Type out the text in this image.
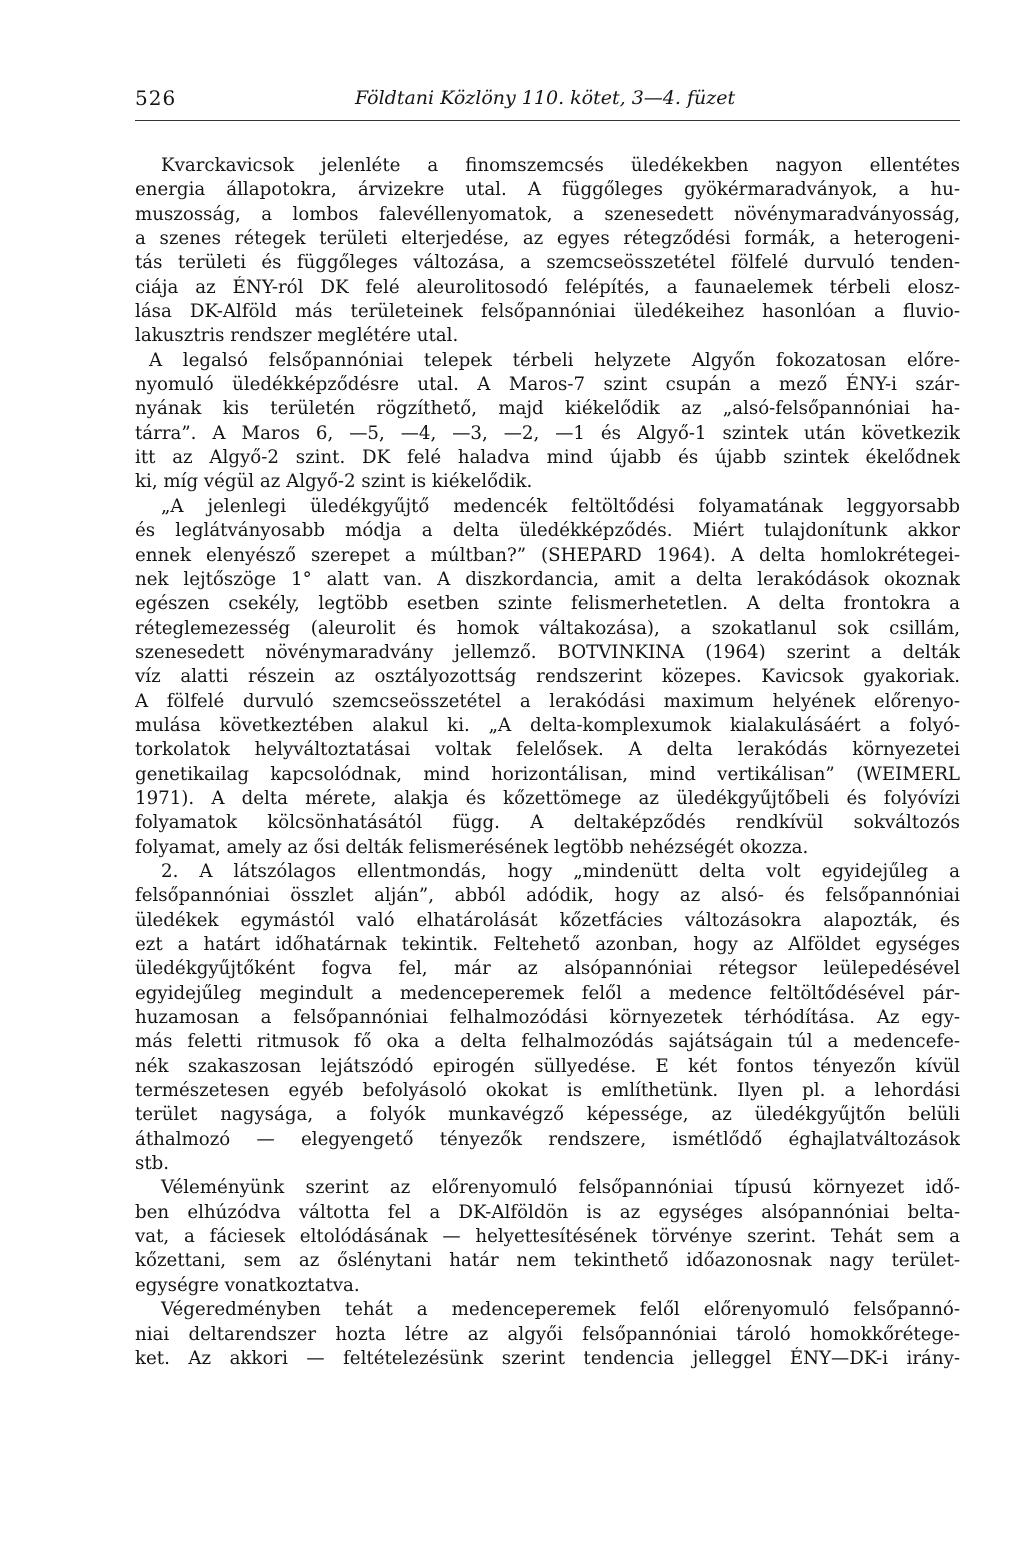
526	Földtani Közlöny 110. kötet, 3—4. füzet

Kvarckavicsok jelenléte a finomszemcsés üledékekben nagyon ellentétes
energia állapotokra, árvizekre utal. A függőleges gyökérmaradványok, a hu-
muszosság, a lombos falevéllenyomatok, a szenesedett növénymaradványosság,
a szenes rétegek területi elterjedése, az egyes rétegződési formák, a heterogeni-
tás területi és függőleges változása, a szemcseösszetétel fölfelé durvuló tenden-
ciája az ÉNY-ról DK felé aleurolitosodó felépítés, a faunaelemek térbeli elosz-
lása DK-Alföld más területeinek felsőpannóniai üledékeihez hasonlóan a fluvio-
lakusztris rendszer meglétére utal.

A legalsó felsőpannóniai telepek térbeli helyzete Algyőn fokozatosan előre-
nyomuló üledékképződésre utal. A Maros-7 szint csupán a mező ÉNY-i szár-
nyának kis területén rögzíthető, majd kiékelődik az „alsó-felsőpannóniai ha-
tárra”. A Maros 6, —5, —4, —3, —2, —1 és Algyő-1 szintek után következik
itt az Algyő-2 szint. DK felé haladva mind újabb és újabb szintek ékelődnek
ki, míg végül az Algyő-2 szint is kiékelődik.

„A jelenlegi üledékgyűjtő medencék feltöltődési folyamatának leggyorsabb
és leglátványosabb módja a delta üledékképződés. Miért tulajdonítunk akkor
ennek elenyésző szerepet a múltban?” (SHEPARD 1964). A delta homlokrétegei-
nek lejtőszöge 1° alatt van. A diszkordancia, amit a delta lerakódások okoznak
egészen csekély, legtöbb esetben szinte felismerhetetlen. A delta frontokra a
réteglemezesség (aleurolit és homok váltakozása), a szokatlanul sok csillám,
szenesedett növénymaradvány jellemző. BOTVINKINA (1964) szerint a delták
víz alatti részein az osztályozottság rendszerint közepes. Kavicsok gyakoriak.
A fölfelé durvuló szemcseösszetétel a lerakódási maximum helyének előrenyo-
mulása következtében alakul ki. „A delta-komplexumok kialakulásáért a folyó-
torkolatok helyváltoztatásai voltak felelősek. A delta lerakódás környezetei
genetikailag kapcsolódnak, mind horizontálisan, mind vertikálisan” (WEIMERL
1971). A delta mérete, alakja és kőzettömege az üledékgyűjtőbeli és folyóvízi
folyamatok kölcsönhatásától függ. A deltaképződés rendkívül sokváltozós
folyamat, amely az ősi delták felismerésének legtöbb nehézségét okozza.

2. A látszólagos ellentmondás, hogy „mindenütt delta volt egyidejűleg a
felsőpannóniai összlet alján”, abból adódik, hogy az alsó- és felsőpannóniai
üledékek egymástól való elhatárolását kőzetfácies változásokra alapozták, és
ezt a határt időhatárnak tekintik. Feltehető azonban, hogy az Alföldet egységes
üledékgyűjtőként fogva fel, már az alsópannóniai rétegsor leülepedésével
egyidejűleg megindult a medenceperemek felől a medence feltöltődésével pár-
huzamosan a felsőpannóniai felhalmozódási környezetek térhódítása. Az egy-
más feletti ritmusok fő oka a delta felhalmozódás sajátságain túl a medencefe-
nék szakaszosan lejátszódó epirogén süllyedése. E két fontos tényezőn kívül
természetesen egyéb befolyásoló okokat is említhetünk. Ilyen pl. a lehordási
terület nagysága, a folyók munkavégző képessége, az üledékgyűjtőn belüli
áthalmozó — elegyengető tényezők rendszere, ismétlődő éghajlatváltozások
stb.

Véleményünk szerint az előrenyomuló felsőpannóniai típusú környezet idő-
ben elhúzódva váltotta fel a DK-Alföldön is az egységes alsópannóniai belta-
vat, a fáciesek eltolódásának — helyettesítésének törvénye szerint. Tehát sem a
kőzettani, sem az őslénytani határ nem tekinthető időazonosnak nagy terület-
egységre vonatkoztatva.

Végeredményben tehát a medenceperemek felől előrenyomuló felsőpannó-
niai deltarendszer hozta létre az algyői felsőpannóniai tároló homokkőrétege-
ket. Az akkori — feltételezésünk szerint tendencia jelleggel ÉNY—DK-i irány-
